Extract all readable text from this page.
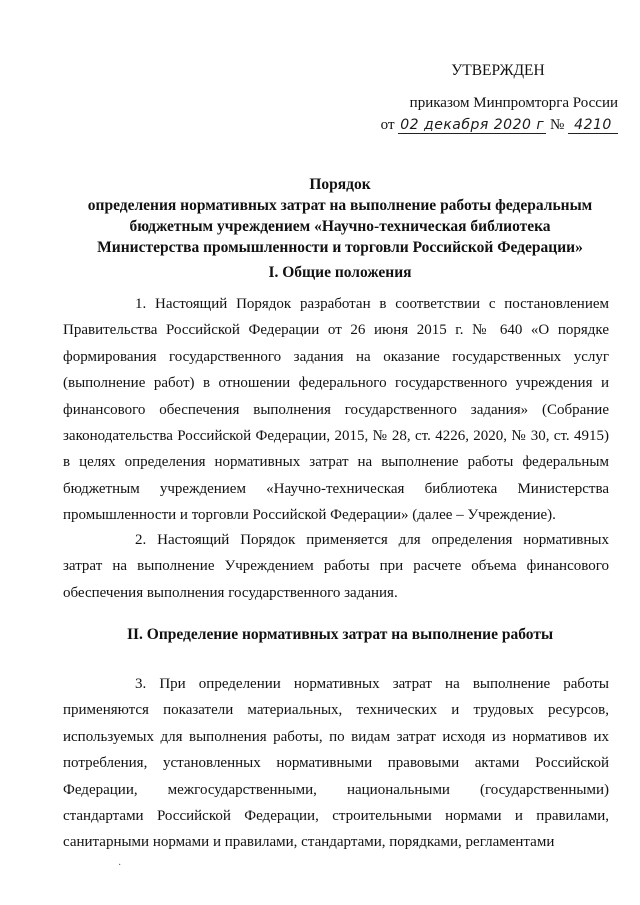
УТВЕРЖДЕН
приказом Минпромторга России
от 02 декабря 2020 г № 4210
Порядок
определения нормативных затрат на выполнение работы федеральным
бюджетным учреждением «Научно-техническая библиотека
Министерства промышленности и торговли Российской Федерации»
I. Общие положения

1. Настоящий Порядок разработан в соответствии с постановлением Правительства Российской Федерации от 26 июня 2015 г. № 640 «О порядке формирования государственного задания на оказание государственных услуг (выполнение работ) в отношении федерального государственного учреждения и финансового обеспечения выполнения государственного задания» (Собрание законодательства Российской Федерации, 2015, № 28, ст. 4226, 2020, № 30, ст. 4915) в целях определения нормативных затрат на выполнение работы федеральным бюджетным учреждением «Научно-техническая библиотека Министерства промышленности и торговли Российской Федерации» (далее – Учреждение).

2. Настоящий Порядок применяется для определения нормативных затрат на выполнение Учреждением работы при расчете объема финансового обеспечения выполнения государственного задания.

II. Определение нормативных затрат на выполнение работы

3. При определении нормативных затрат на выполнение работы применяются показатели материальных, технических и трудовых ресурсов, используемых для выполнения работы, по видам затрат исходя из нормативов их потребления, установленных нормативными правовыми актами Российской Федерации, межгосударственными, национальными (государственными) стандартами Российской Федерации, строительными нормами и правилами, санитарными нормами и правилами, стандартами, порядками, регламентами

·
